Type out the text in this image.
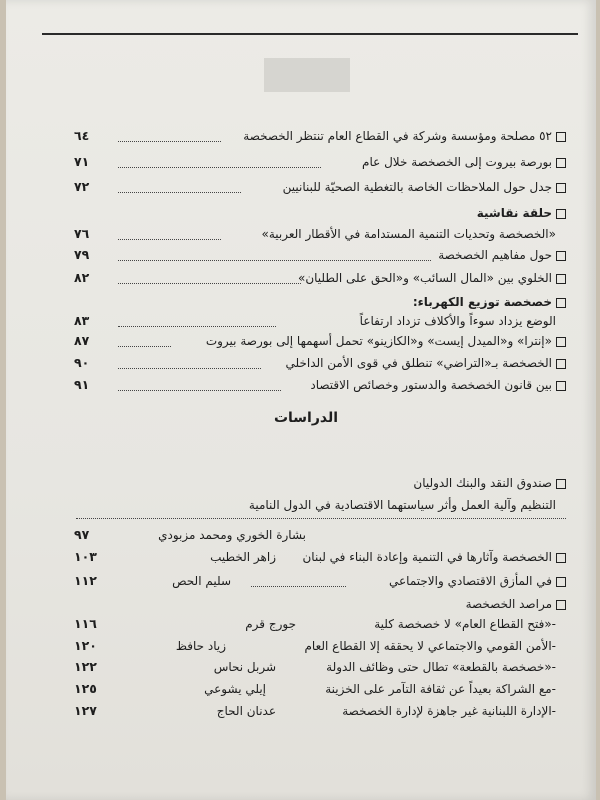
٥٢ مصلحة ومؤسسة وشركة في القطاع العام تنتظر الخصخصة
٦٤
بورصة بيروت إلى الخصخصة خلال عام
٧١
جدل حول الملاحظات الخاصة بالتغطية الصحيّة للبنانيين
٧٢
حلقة نقاشية
«الخصخصة وتحديات التنمية المستدامة في الأقطار العربية»
٧٦
حول مفاهيم الخصخصة
٧٩
الخلوي بين «المال السائب» و«الحق على الطليان»
٨٢
خصخصة توزيع الكهرباء:
الوضع يزداد سوءاً والأكلاف تزداد ارتفاعاً
٨٣
«إنترا» و«الميدل إيست» و«الكازينو» تحمل أسهمها إلى بورصة بيروت
٨٧
الخصخصة بـ«التراضي» تنطلق في قوى الأمن الداخلي
٩٠
بين قانون الخصخصة والدستور وخصائص الاقتصاد
٩١
الدراسات
صندوق النقد والبنك الدوليان
التنظيم وآلية العمل وأثر سياستهما الاقتصادية في الدول النامية
بشارة الخوري ومحمد مزبودي
٩٧
الخصخصة وآثارها في التنمية وإعادة البناء في لبنان
زاهر الخطيب
١٠٣
في المأزق الاقتصادي والاجتماعي
سليم الحص
١١٢
مراصد الخصخصة
-«فتح القطاع العام» لا خصخصة كلية
جورج قرم
١١٦
-الأمن القومي والاجتماعي لا يحققه إلا القطاع العام
زياد حافظ
١٢٠
-«خصخصة بالقطعة» تطال حتى وظائف الدولة
شربل نحاس
١٢٢
-مع الشراكة بعيداً عن ثقافة التآمر على الخزينة
إيلي يشوعي
١٢٥
-الإدارة اللبنانية غير جاهزة لإدارة الخصخصة
عدنان الحاج
١٢٧
